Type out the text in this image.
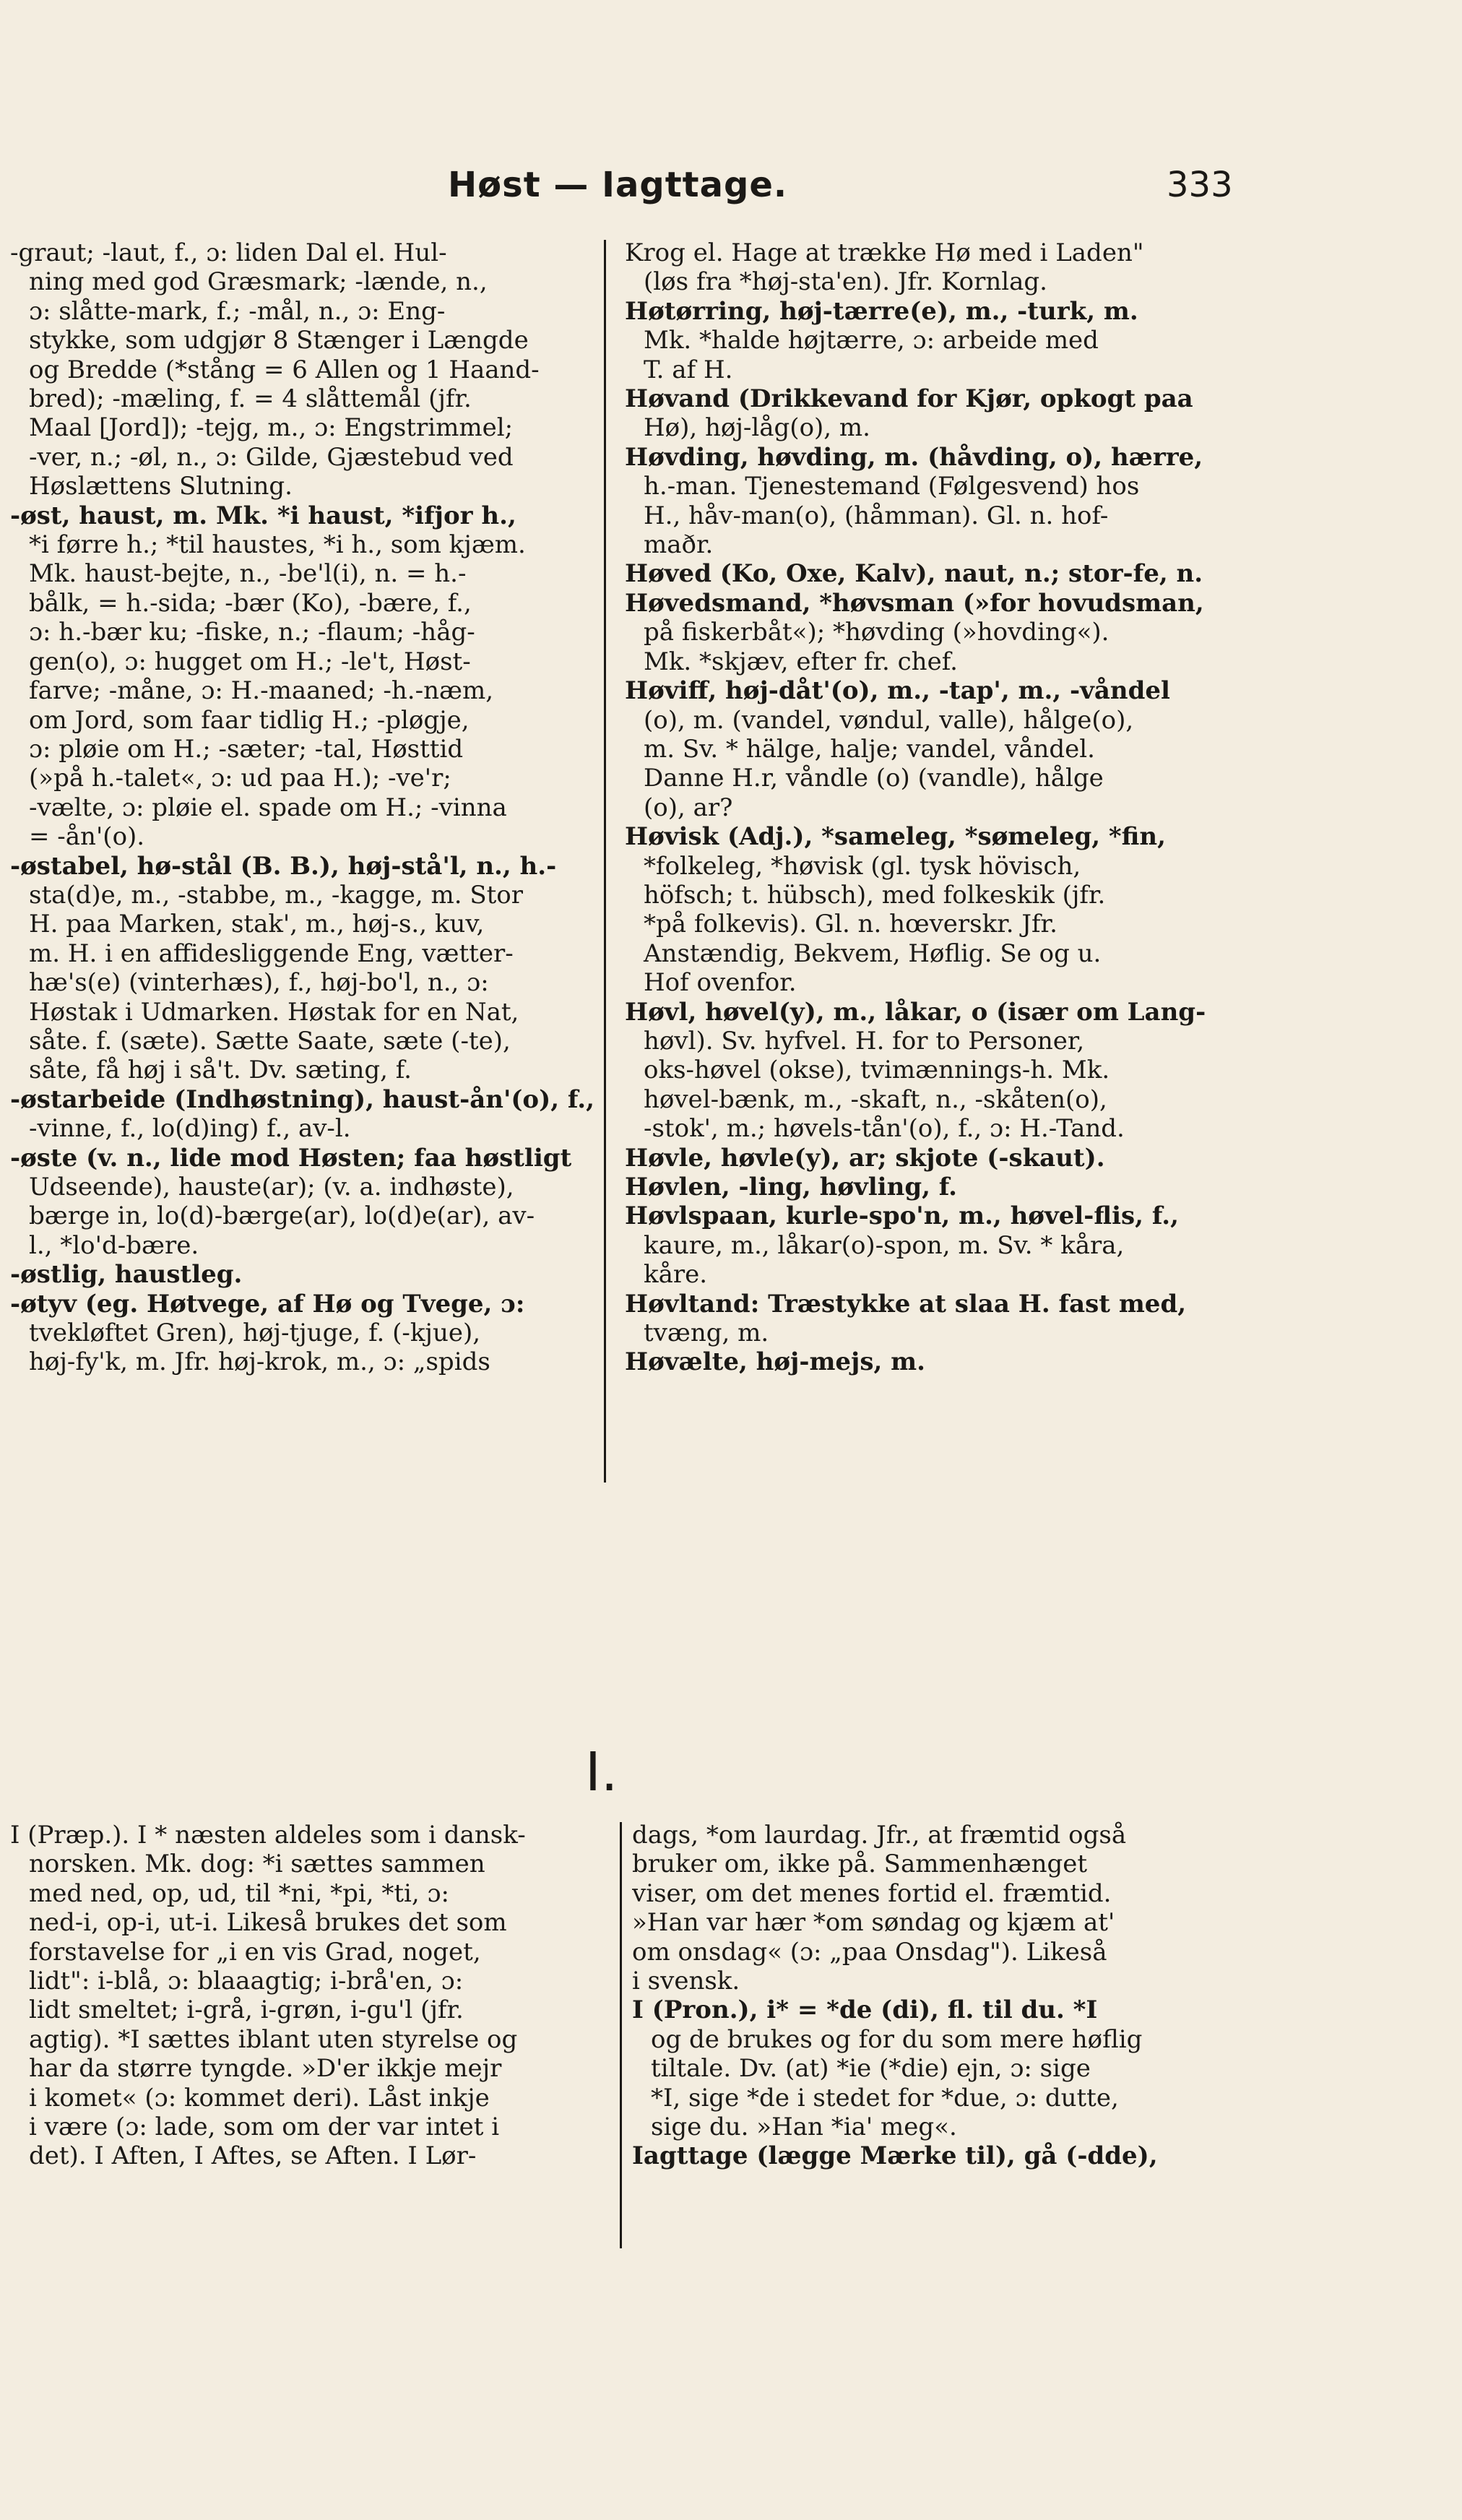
Høst — Iagttage.	333

-graut; -laut, f., ɔ: liden Dal el. Hul-

ning med god Græsmark; -lænde, n.,

ɔ: slåtte-mark, f.; -mål, n., ɔ: Eng-

stykke, som udgjør 8 Stænger i Længde

og Bredde (*stång = 6 Allen og 1 Haand-

bred); -mæling, f. = 4 slåttemål (jfr.

Maal [Jord]); -tejg, m., ɔ: Engstrimmel;

-ver, n.; -øl, n., ɔ: Gilde, Gjæstebud ved

Høslættens Slutning.

-øst, haust, m. Mk. *i haust, *ifjor h.,

*i førre h.; *til haustes, *i h., som kjæm.

Mk. haust-bejte, n., -be'l(i), n. = h.-

bålk, = h.-sida; -bær (Ko), -bære, f.,

ɔ: h.-bær ku; -fiske, n.; -flaum; -håg-

gen(o), ɔ: hugget om H.; -le't, Høst-

farve; -måne, ɔ: H.-maaned; -h.-næm,

om Jord, som faar tidlig H.; -pløgje,

ɔ: pløie om H.; -sæter; -tal, Høsttid

(»på h.-talet«, ɔ: ud paa H.); -ve'r;

-vælte, ɔ: pløie el. spade om H.; -vinna

= -ån'(o).

-østabel, hø-stål (B. B.), høj-stå'l, n., h.-

sta(d)e, m., -stabbe, m., -kagge, m. Stor

H. paa Marken, stak', m., høj-s., kuv,

m. H. i en affidesliggende Eng, vætter-

hæ's(e) (vinterhæs), f., høj-bo'l, n., ɔ:

Høstak i Udmarken. Høstak for en Nat,

såte. f. (sæte). Sætte Saate, sæte (-te),

såte, få høj i så't. Dv. sæting, f.

-østarbeide (Indhøstning), haust-ån'(o), f.,

-vinne, f., lo(d)ing) f., av-l.

-øste (v. n., lide mod Høsten; faa høstligt

Udseende), hauste(ar); (v. a. indhøste),

bærge in, lo(d)-bærge(ar), lo(d)e(ar), av-

l., *lo'd-bære.

-østlig, haustleg.

-øtyv (eg. Høtvege, af Hø og Tvege, ɔ:

tvekløftet Gren), høj-tjuge, f. (-kjue),

høj-fy'k, m. Jfr. høj-krok, m., ɔ: „spids

Krog el. Hage at trække Hø med i Laden"

(løs fra *høj-sta'en). Jfr. Kornlag.

Høtørring, høj-tærre(e), m., -turk, m.

Mk. *halde højtærre, ɔ: arbeide med

T. af H.

Høvand (Drikkevand for Kjør, opkogt paa

Hø), høj-låg(o), m.

Høvding, høvding, m. (håvding, o), hærre,

h.-man. Tjenestemand (Følgesvend) hos

H., håv-man(o), (håmman). Gl. n. hof-

maðr.

Høved (Ko, Oxe, Kalv), naut, n.; stor-fe, n.

Høvedsmand, *høvsman (»for hovudsman,

på fiskerbåt«); *høvding (»hovding«).

Mk. *skjæv, efter fr. chef.

Høviff, høj-dåt'(o), m., -tap', m., -våndel

(o), m. (vandel, vøndul, valle), hålge(o),

m. Sv. * hälge, halje; vandel, våndel.

Danne H.r, våndle (o) (vandle), hålge

(o), ar?

Høvisk (Adj.), *sameleg, *sømeleg, *fin,

*folkeleg, *høvisk (gl. tysk hövisch,

höfsch; t. hübsch), med folkeskik (jfr.

*på folkevis). Gl. n. hœverskr. Jfr.

Anstændig, Bekvem, Høflig. Se og u.

Hof ovenfor.

Høvl, høvel(y), m., låkar, o (især om Lang-

høvl). Sv. hyfvel. H. for to Personer,

oks-høvel (okse), tvimænnings-h. Mk.

høvel-bænk, m., -skaft, n., -skåten(o),

-stok', m.; høvels-tån'(o), f., ɔ: H.-Tand.

Høvle, høvle(y), ar; skjote (-skaut).

Høvlen, -ling, høvling, f.

Høvlspaan, kurle-spo'n, m., høvel-flis, f.,

kaure, m., låkar(o)-spon, m. Sv. * kåra,

kåre.

Høvltand: Træstykke at slaa H. fast med,

tvæng, m.

Høvælte, høj-mejs, m.

I.

I (Præp.). I * næsten aldeles som i dansk-

norsken. Mk. dog: *i sættes sammen

med ned, op, ud, til *ni, *pi, *ti, ɔ:

ned-i, op-i, ut-i. Likeså brukes det som

forstavelse for „i en vis Grad, noget,

lidt": i-blå, ɔ: blaaagtig; i-brå'en, ɔ:

lidt smeltet; i-grå, i-grøn, i-gu'l (jfr.

agtig). *I sættes iblant uten styrelse og

har da større tyngde. »D'er ikkje mejr

i komet« (ɔ: kommet deri). Låst inkje

i være (ɔ: lade, som om der var intet i

det). I Aften, I Aftes, se Aften. I Lør-

dags, *om laurdag. Jfr., at fræmtid også

bruker om, ikke på. Sammenhænget

viser, om det menes fortid el. fræmtid.

»Han var hær *om søndag og kjæm at'

om onsdag« (ɔ: „paa Onsdag"). Likeså

i svensk.

I (Pron.), i* = *de (di), fl. til du. *I

og de brukes og for du som mere høflig

tiltale. Dv. (at) *ie (*die) ejn, ɔ: sige

*I, sige *de i stedet for *due, ɔ: dutte,

sige du. »Han *ia' meg«.

Iagttage (lægge Mærke til), gå (-dde),
